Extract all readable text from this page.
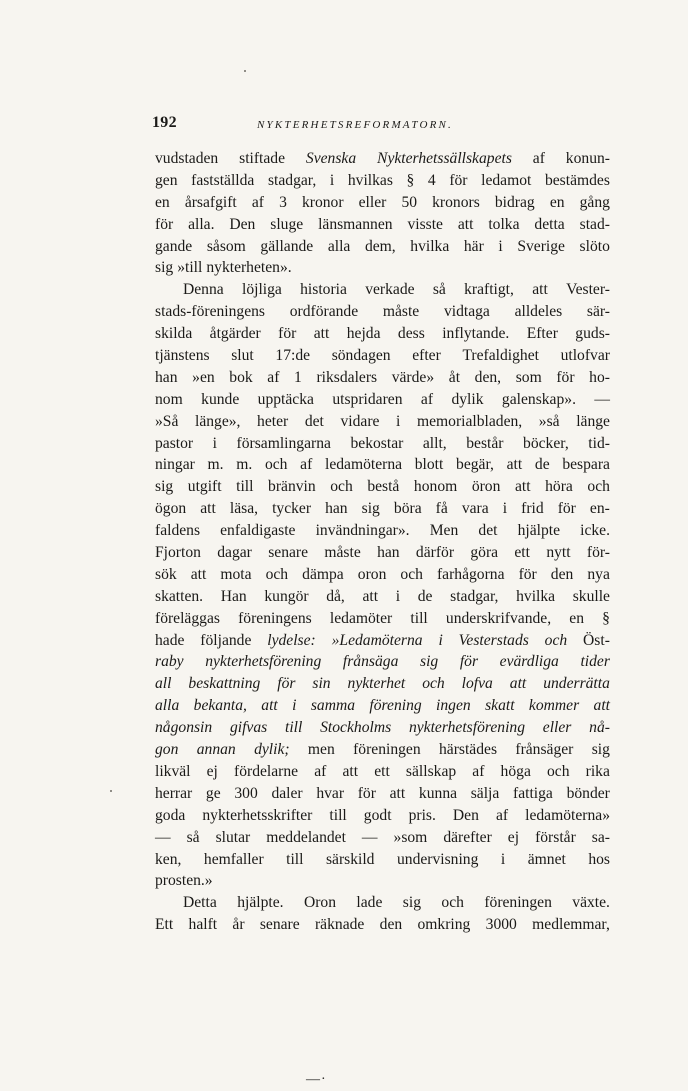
192	NYKTERHETSREFORMATORN.

vudstaden stiftade Svenska Nykterhetssällskapets af konun-
gen fastställda stadgar, i hvilkas § 4 för ledamot bestämdes
en årsafgift af 3 kronor eller 50 kronors bidrag en gång
för alla. Den sluge länsmannen visste att tolka detta stad-
gande såsom gällande alla dem, hvilka här i Sverige slöto
sig »till nykterheten».

Denna löjliga historia verkade så kraftigt, att Vester-
stads-föreningens ordförande måste vidtaga alldeles sär-
skilda åtgärder för att hejda dess inflytande. Efter guds-
tjänstens slut 17:de söndagen efter Trefaldighet utlofvar
han »en bok af 1 riksdalers värde» åt den, som för ho-
nom kunde upptäcka utspridaren af dylik galenskap». —
»Så länge», heter det vidare i memorialbladen, »så länge
pastor i församlingarna bekostar allt, består böcker, tid-
ningar m. m. och af ledamöterna blott begär, att de bespara
sig utgift till bränvin och bestå honom öron att höra och
ögon att läsa, tycker han sig böra få vara i frid för en-
faldens enfaldigaste invändningar». Men det hjälpte icke.
Fjorton dagar senare måste han därför göra ett nytt för-
sök att mota och dämpa oron och farhågorna för den nya
skatten. Han kungör då, att i de stadgar, hvilka skulle
föreläggas föreningens ledamöter till underskrifvande, en §
hade följande lydelse: »Ledamöterna i Vesterstads och Öst-
raby nykterhetsförening frånsäga sig för evärdliga tider
all beskattning för sin nykterhet och lofva att underrätta
alla bekanta, att i samma förening ingen skatt kommer att
någonsin gifvas till Stockholms nykterhetsförening eller nå-
gon annan dylik; men föreningen härstädes frånsäger sig
likväl ej fördelarne af att ett sällskap af höga och rika
herrar ge 300 daler hvar för att kunna sälja fattiga bönder
goda nykterhetsskrifter till godt pris. Den af ledamöterna»
— så slutar meddelandet — »som därefter ej förstår sa-
ken, hemfaller till särskild undervisning i ämnet hos
prosten.»

Detta hjälpte. Oron lade sig och föreningen växte.
Ett halft år senare räknade den omkring 3000 medlemmar,

—·
